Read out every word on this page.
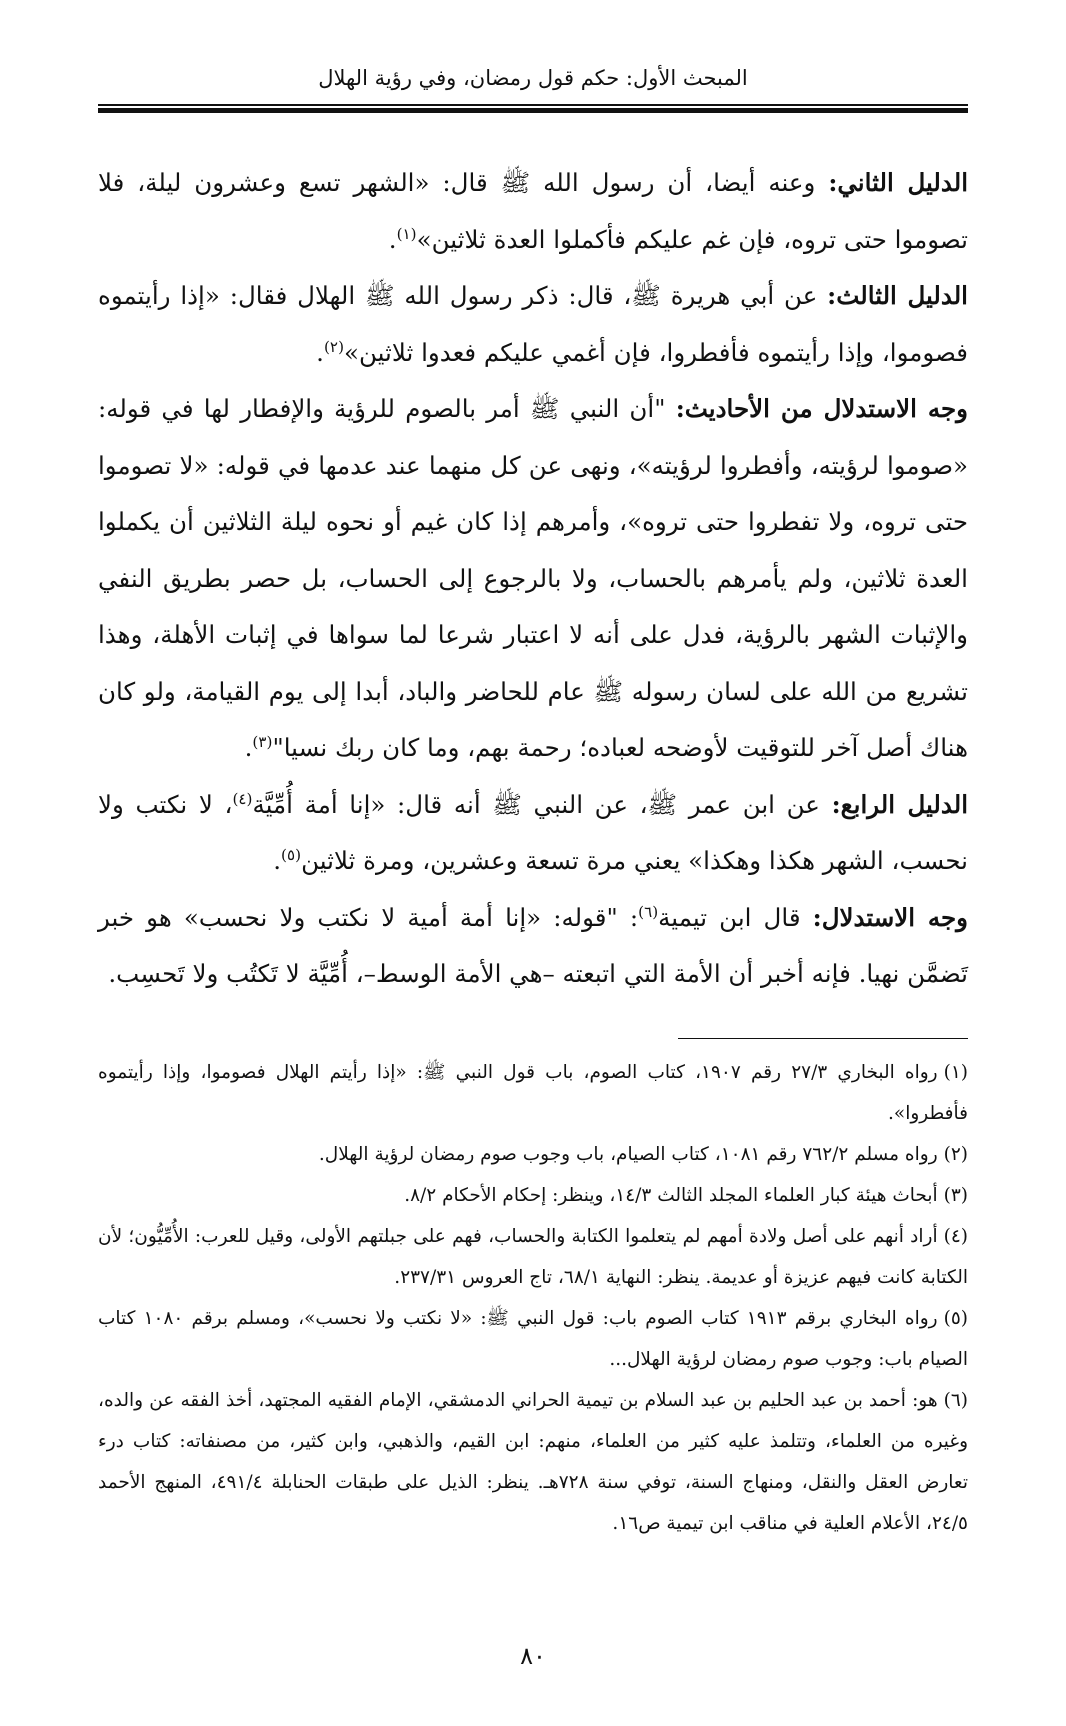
المبحث الأول: حكم قول رمضان، وفي رؤية الهلال

الدليل الثاني: وعنه أيضا، أن رسول الله ﷺ قال: «الشهر تسع وعشرون ليلة، فلا تصوموا حتى تروه، فإن غم عليكم فأكملوا العدة ثلاثين»$^{(١)}$.

الدليل الثالث: عن أبي هريرة ﷺ، قال: ذكر رسول الله ﷺ الهلال فقال: «إذا رأيتموه فصوموا، وإذا رأيتموه فأفطروا، فإن أغمي عليكم فعدوا ثلاثين»$^{(٢)}$.

وجه الاستدلال من الأحاديث: "أن النبي ﷺ أمر بالصوم للرؤية والإفطار لها في قوله: «صوموا لرؤيته، وأفطروا لرؤيته»، ونهى عن كل منهما عند عدمها في قوله: «لا تصوموا حتى تروه، ولا تفطروا حتى تروه»، وأمرهم إذا كان غيم أو نحوه ليلة الثلاثين أن يكملوا العدة ثلاثين، ولم يأمرهم بالحساب، ولا بالرجوع إلى الحساب، بل حصر بطريق النفي والإثبات الشهر بالرؤية، فدل على أنه لا اعتبار شرعا لما سواها في إثبات الأهلة، وهذا تشريع من الله على لسان رسوله ﷺ عام للحاضر والباد، أبدا إلى يوم القيامة، ولو كان هناك أصل آخر للتوقيت لأوضحه لعباده؛ رحمة بهم، وما كان ربك نسيا"$^{(٣)}$.

الدليل الرابع: عن ابن عمر ﷺ، عن النبي ﷺ أنه قال: «إنا أمة أُمِّيَّة$^{(٤)}$، لا نكتب ولا نحسب، الشهر هكذا وهكذا» يعني مرة تسعة وعشرين، ومرة ثلاثين$^{(٥)}$.

وجه الاستدلال: قال ابن تيمية$^{(٦)}$: "قوله: «إنا أمة أمية لا نكتب ولا نحسب» هو خبر تَضمَّن نهيا. فإنه أخبر أن الأمة التي اتبعته –هي الأمة الوسط–، أُمِّيَّة لا تَكتُب ولا تَحسِب.

(١)رواه البخاري ٢٧/٣ رقم ١٩٠٧، كتاب الصوم، باب قول النبي ﷺ: «إذا رأيتم الهلال فصوموا، وإذا رأيتموه فأفطروا».

(٢)رواه مسلم ٧٦٢/٢ رقم ١٠٨١، كتاب الصيام، باب وجوب صوم رمضان لرؤية الهلال.

(٣)أبحاث هيئة كبار العلماء المجلد الثالث ١٤/٣، وينظر: إحكام الأحكام ٨/٢.

(٤)أراد أنهم على أصل ولادة أمهم لم يتعلموا الكتابة والحساب، فهم على جبلتهم الأولى، وقيل للعرب: الأُمِّيُّون؛ لأن الكتابة كانت فيهم عزيزة أو عديمة. ينظر: النهاية ٦٨/١، تاج العروس ٢٣٧/٣١.

(٥)رواه البخاري برقم ١٩١٣ كتاب الصوم باب: قول النبي ﷺ: «لا نكتب ولا نحسب»، ومسلم برقم ١٠٨٠ كتاب الصيام باب: وجوب صوم رمضان لرؤية الهلال...

(٦)هو: أحمد بن عبد الحليم بن عبد السلام بن تيمية الحراني الدمشقي، الإمام الفقيه المجتهد، أخذ الفقه عن والده، وغيره من العلماء، وتتلمذ عليه كثير من العلماء، منهم: ابن القيم، والذهبي، وابن كثير، من مصنفاته: كتاب درء تعارض العقل والنقل، ومنهاج السنة، توفي سنة ٧٢٨هـ. ينظر: الذيل على طبقات الحنابلة ٤٩١/٤، المنهج الأحمد ٢٤/٥، الأعلام العلية في مناقب ابن تيمية ص١٦.

٨٠
